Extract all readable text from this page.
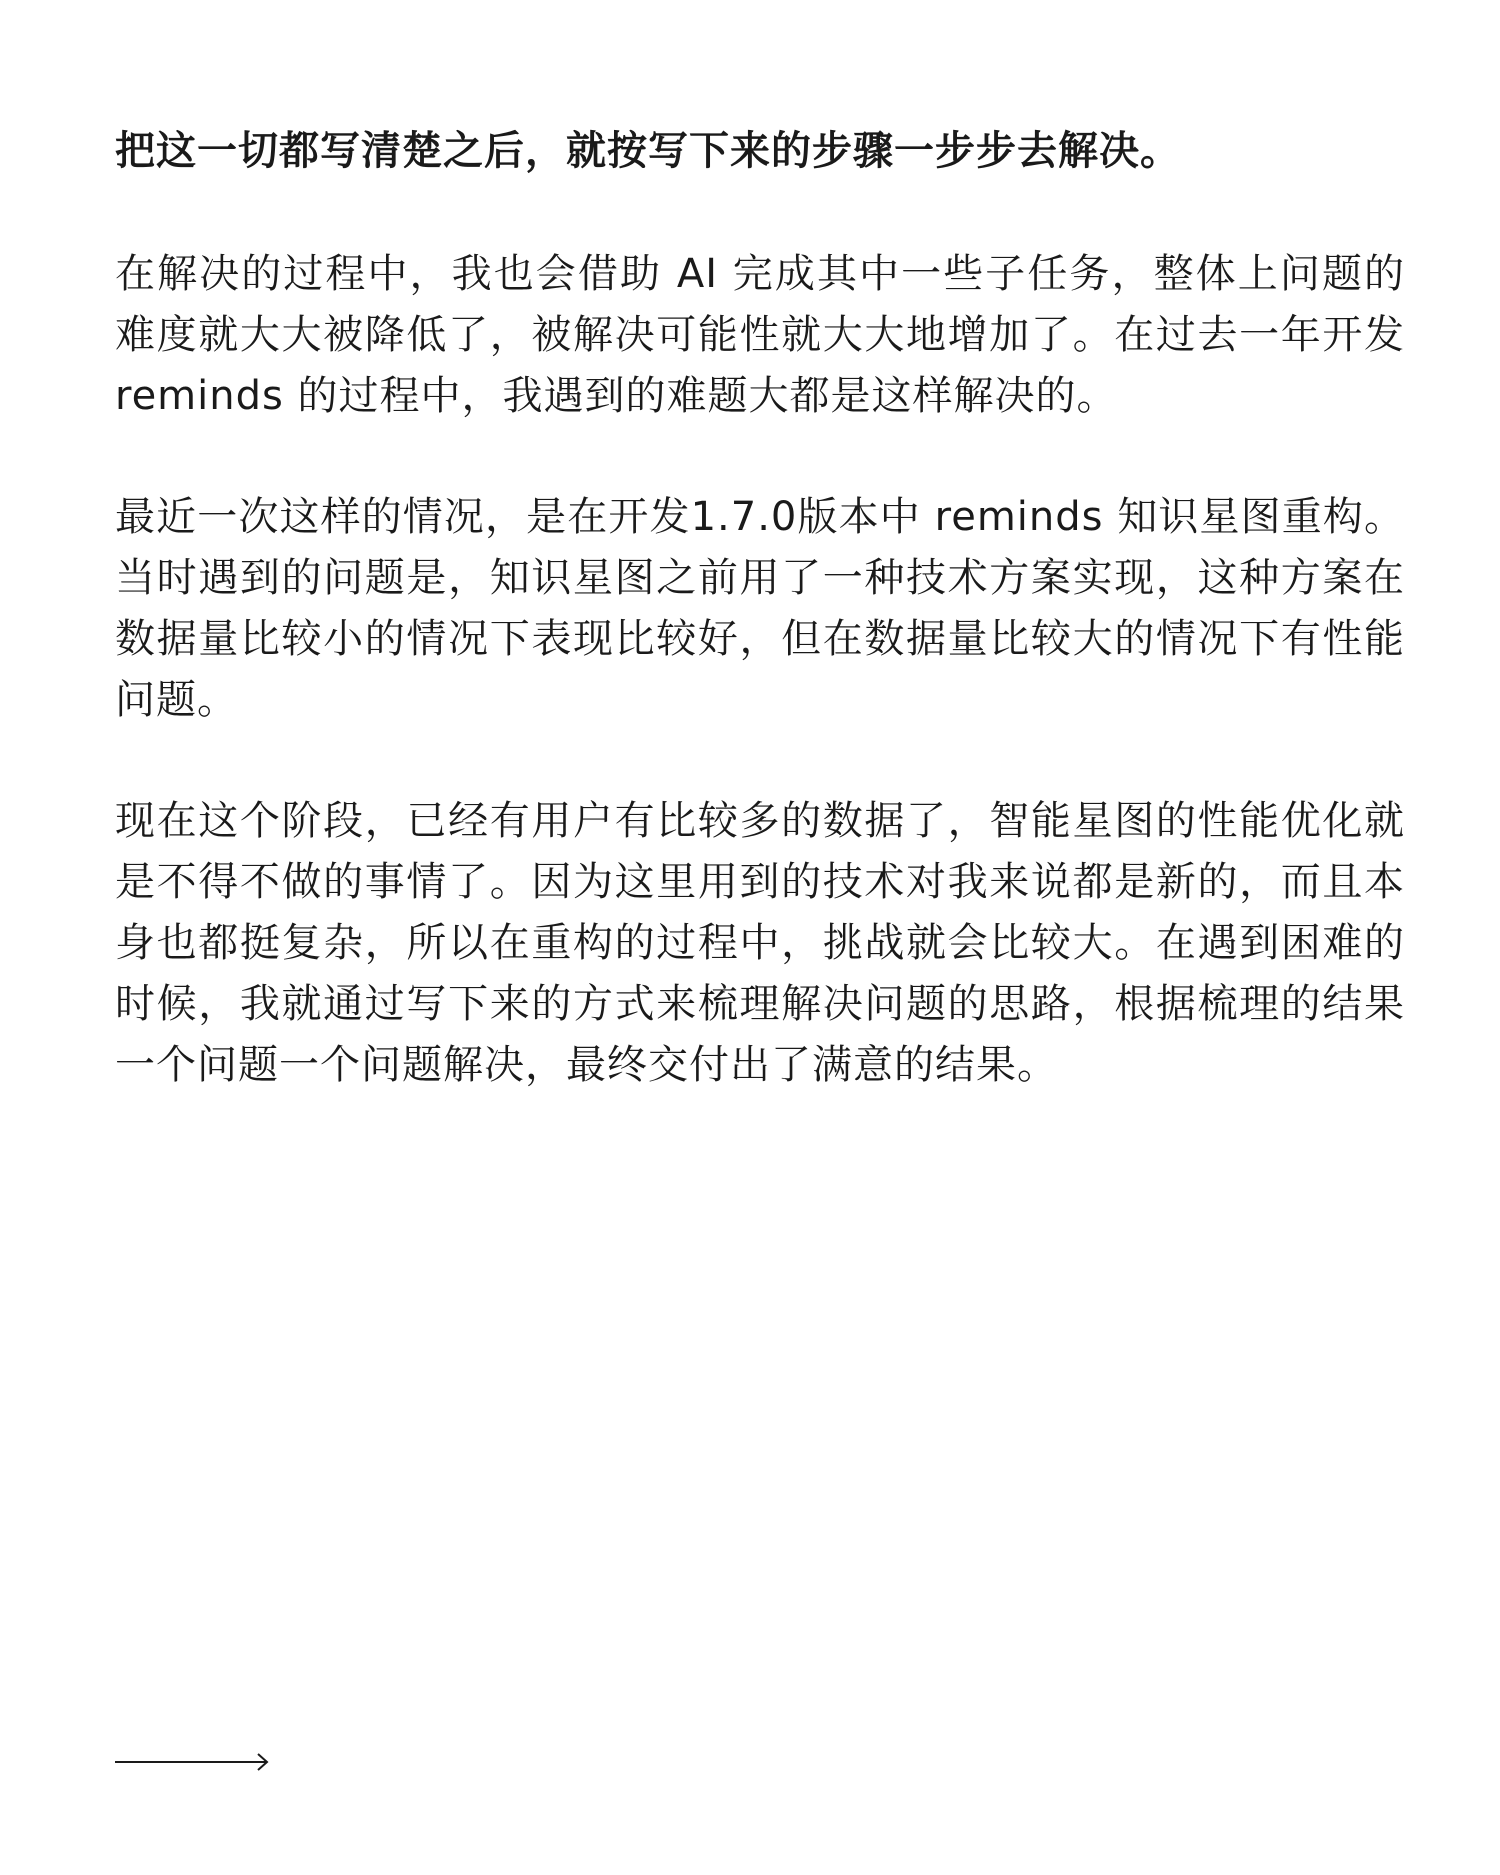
把这一切都写清楚之后，就按写下来的步骤一步步去解决。

在解决的过程中，我也会借助 AI 完成其中一些子任务，整体上问题的难度就大大被降低了，被解决可能性就大大地增加了。在过去一年开发 reminds 的过程中，我遇到的难题大都是这样解决的。

最近一次这样的情况，是在开发1.7.0版本中 reminds 知识星图重构。当时遇到的问题是，知识星图之前用了一种技术方案实现，这种方案在数据量比较小的情况下表现比较好，但在数据量比较大的情况下有性能问题。

现在这个阶段，已经有用户有比较多的数据了，智能星图的性能优化就是不得不做的事情了。因为这里用到的技术对我来说都是新的，而且本身也都挺复杂，所以在重构的过程中，挑战就会比较大。在遇到困难的时候，我就通过写下来的方式来梳理解决问题的思路，根据梳理的结果一个问题一个问题解决，最终交付出了满意的结果。
